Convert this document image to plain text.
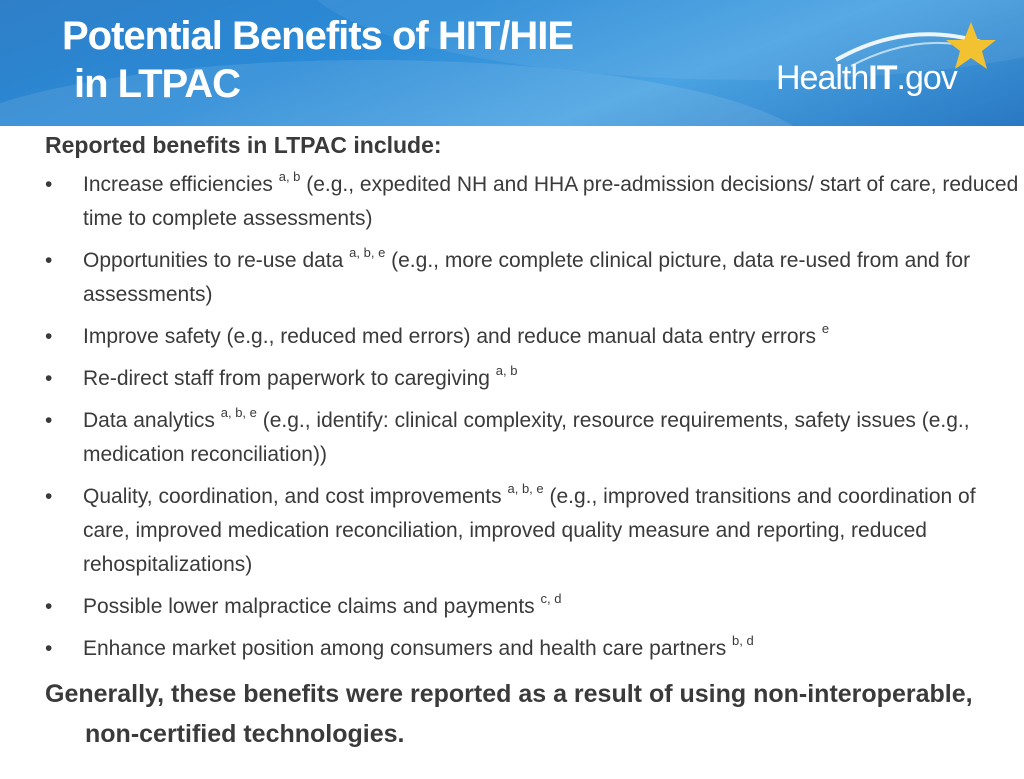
Potential Benefits of HIT/HIE
in LTPAC	HealthIT.gov

Reported benefits in LTPAC include:

•	Increase efficiencies $^{a, b}$ (e.g., expedited NH and HHA pre-admission decisions/ start of care, reduced time to complete assessments)
•	Opportunities to re-use data $^{a, b, e}$ (e.g., more complete clinical picture, data re-used from and for assessments)
•	Improve safety (e.g., reduced med errors) and reduce manual data entry errors $^e$
•	Re-direct staff from paperwork to caregiving $^{a, b}$
•	Data analytics $^{a, b, e}$ (e.g., identify: clinical complexity, resource requirements, safety issues (e.g., medication reconciliation))
•	Quality, coordination, and cost improvements $^{a, b, e}$ (e.g., improved transitions and coordination of care, improved medication reconciliation, improved quality measure and reporting, reduced rehospitalizations)
•	Possible lower malpractice claims and payments $^{c, d}$
•	Enhance market position among consumers and health care partners $^{b, d}$

Generally, these benefits were reported as a result of using non-interoperable, non-certified technologies.
